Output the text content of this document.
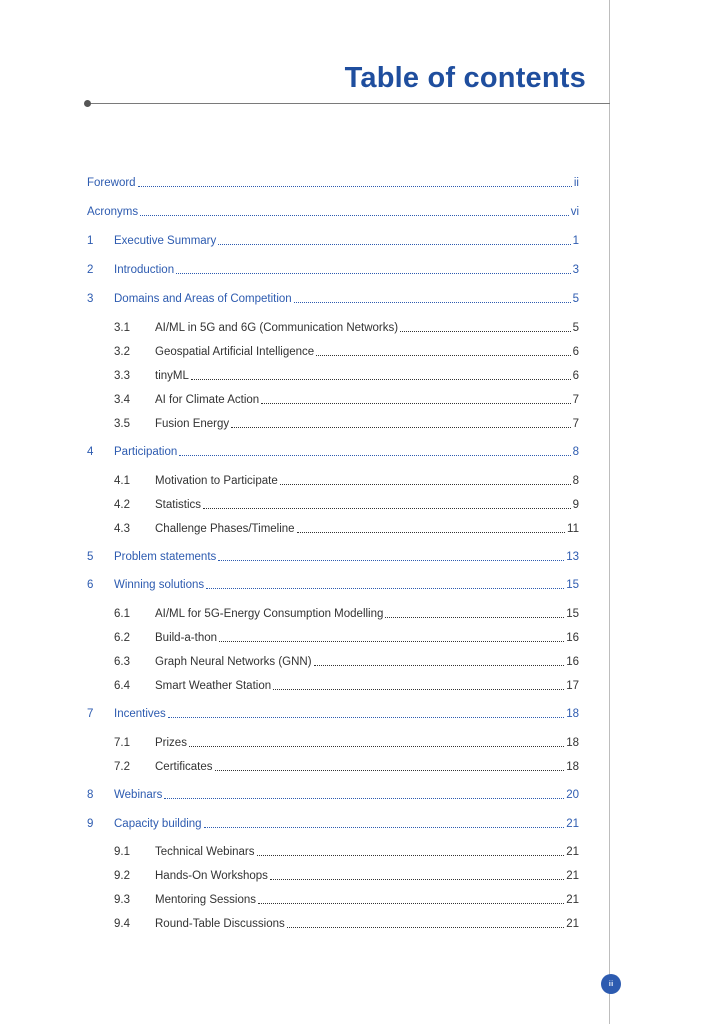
Table of contents
Foreword	ii
Acronyms	vi
1	Executive Summary	1
2	Introduction	3
3	Domains and Areas of Competition	5
3.1	AI/ML in 5G and 6G (Communication Networks)	5
3.2	Geospatial Artificial Intelligence	6
3.3	tinyML	6
3.4	AI for Climate Action	7
3.5	Fusion Energy	7
4	Participation	8
4.1	Motivation to Participate	8
4.2	Statistics	9
4.3	Challenge Phases/Timeline	11
5	Problem statements	13
6	Winning solutions	15
6.1	AI/ML for 5G-Energy Consumption Modelling	15
6.2	Build-a-thon	16
6.3	Graph Neural Networks (GNN)	16
6.4	Smart Weather Station	17
7	Incentives	18
7.1	Prizes	18
7.2	Certificates	18
8	Webinars	20
9	Capacity building	21
9.1	Technical Webinars	21
9.2	Hands-On Workshops	21
9.3	Mentoring Sessions	21
9.4	Round-Table Discussions	21
iii
